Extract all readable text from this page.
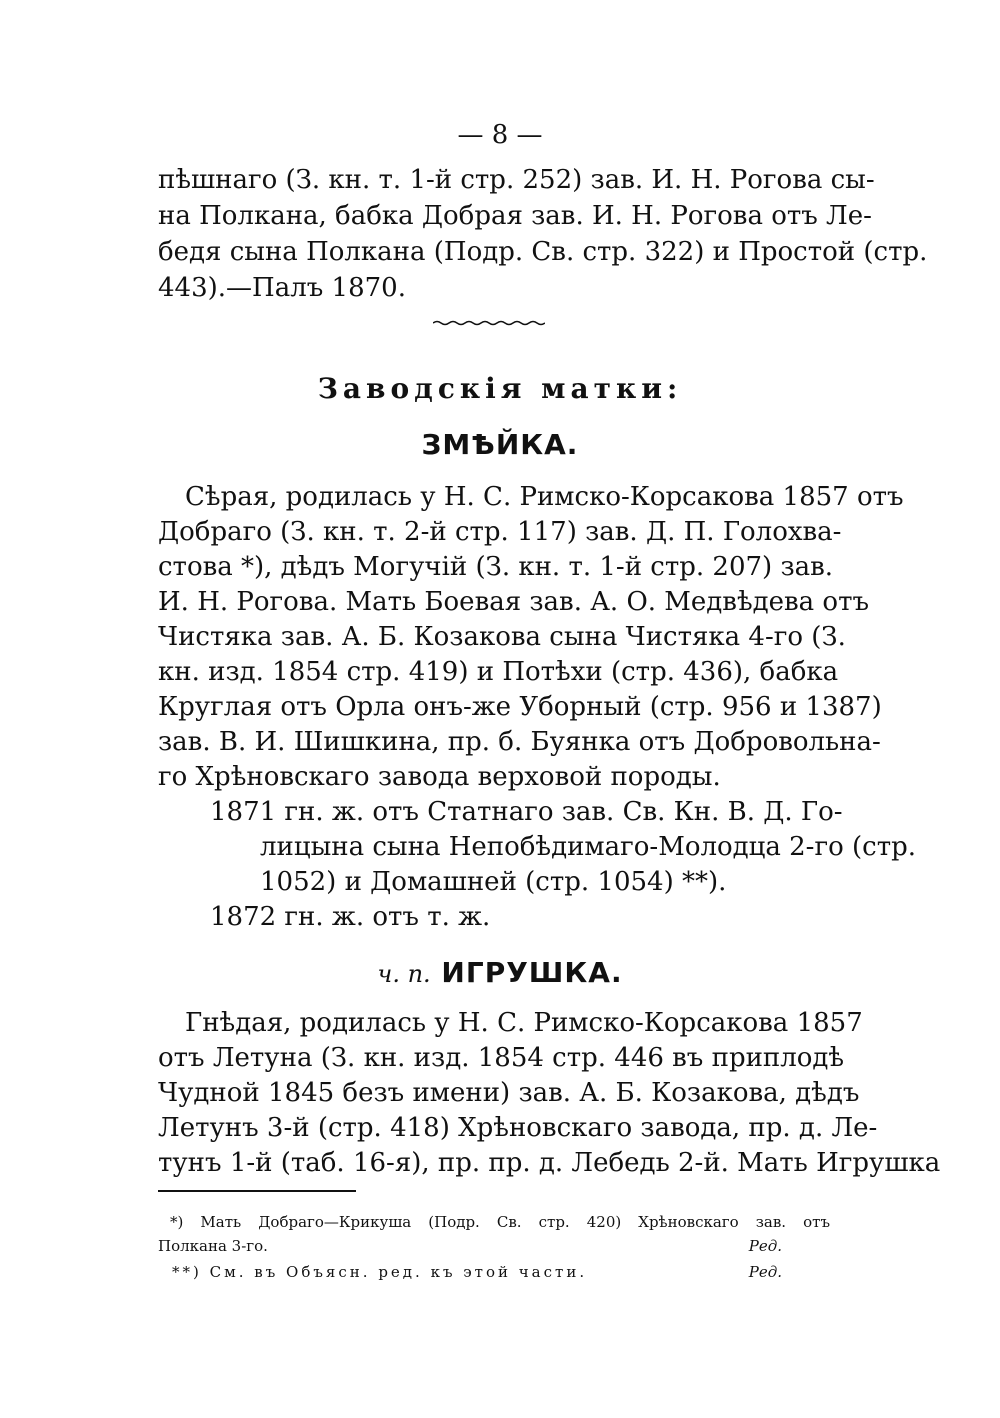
— 8 —
пѣшнаго (З. кн. т. 1-й стр. 252) зав. И. Н. Рогова сы-
на Полкана, бабка Добрая зав. И. Н. Рогова отъ Ле-
бедя сына Полкана (Подр. Св. стр. 322) и Простой (стр.
443).—Палъ 1870.
Заводскія матки:
ЗМѢЙКА.
Сѣрая, родилась у Н. С. Римско-Корсакова 1857 отъ
Добраго (З. кн. т. 2-й стр. 117) зав. Д. П. Голохва-
стова *), дѣдъ Могучій (З. кн. т. 1-й стр. 207) зав.
И. Н. Рогова. Мать Боевая зав. А. О. Медвѣдева отъ
Чистяка зав. А. Б. Козакова сына Чистяка 4-го (З.
кн. изд. 1854 стр. 419) и Потѣхи (стр. 436), бабка
Круглая отъ Орла онъ-же Уборный (стр. 956 и 1387)
зав. В. И. Шишкина, пр. б. Буянка отъ Добровольна-
го Хрѣновскаго завода верховой породы.
1871 гн. ж. отъ Статнаго зав. Св. Кн. В. Д. Го-
лицына сына Непобѣдимаго-Молодца 2-го (стр.
1052) и Домашней (стр. 1054) **).
1872 гн. ж. отъ т. ж.
ч. п. ИГРУШКА.
Гнѣдая, родилась у Н. С. Римско-Корсакова 1857
отъ Летуна (З. кн. изд. 1854 стр. 446 въ приплодѣ
Чудной 1845 безъ имени) зав. А. Б. Козакова, дѣдъ
Летунъ 3-й (стр. 418) Хрѣновскаго завода, пр. д. Ле-
тунъ 1-й (таб. 16-я), пр. пр. д. Лебедь 2-й. Мать Игрушка
*) Мать Добраго—Крикуша (Подр. Св. стр. 420) Хрѣновскаго зав. отъ
Полкана 3-го.	Ред.
**) См. въ Объясн. ред. къ этой части.	Ред.
